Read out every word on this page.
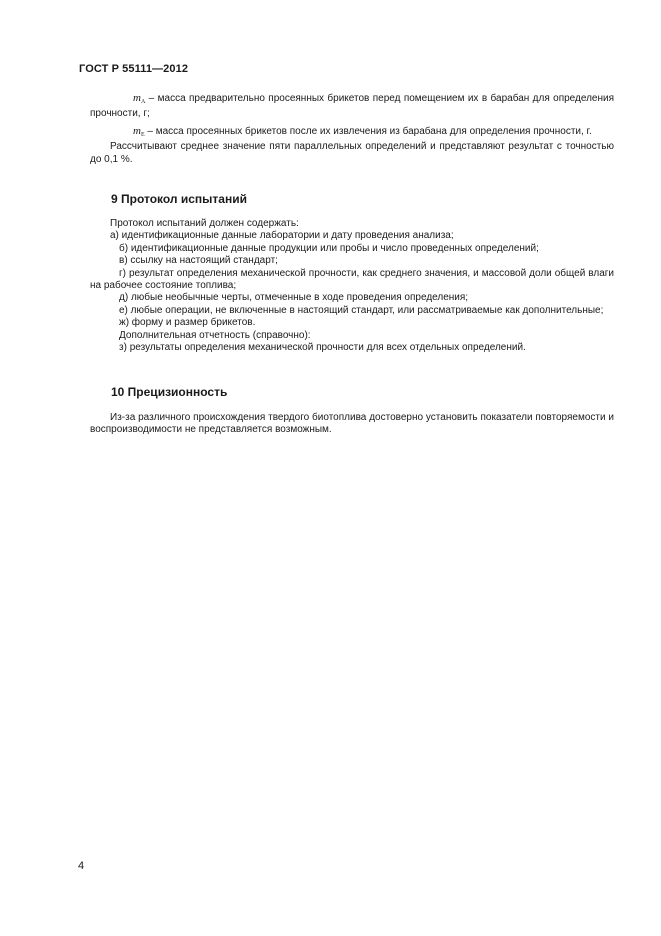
ГОСТ Р 55111—2012
$m_A$ – масса предварительно просеянных брикетов перед помещением их в барабан для определения прочности, г;
$m_E$ – масса просеянных брикетов после их извлечения из барабана для определения прочности, г.
Рассчитывают среднее значение пяти параллельных определений и представляют результат с точностью до 0,1 %.
9 Протокол испытаний
Протокол испытаний должен содержать:
а) идентификационные данные лаборатории и дату проведения анализа;
б) идентификационные данные продукции или пробы и число проведенных определений;
в) ссылку на настоящий стандарт;
г) результат определения механической прочности, как среднего значения, и массовой доли общей влаги на рабочее состояние топлива;
д) любые необычные черты, отмеченные в ходе проведения определения;
е) любые операции, не включенные в настоящий стандарт, или рассматриваемые как дополнительные;
ж) форму и размер брикетов.
Дополнительная отчетность (справочно):
з) результаты определения механической прочности для всех отдельных определений.
10 Прецизионность
Из-за различного происхождения твердого биотоплива достоверно установить показатели повторяемости и воспроизводимости не представляется возможным.
4
